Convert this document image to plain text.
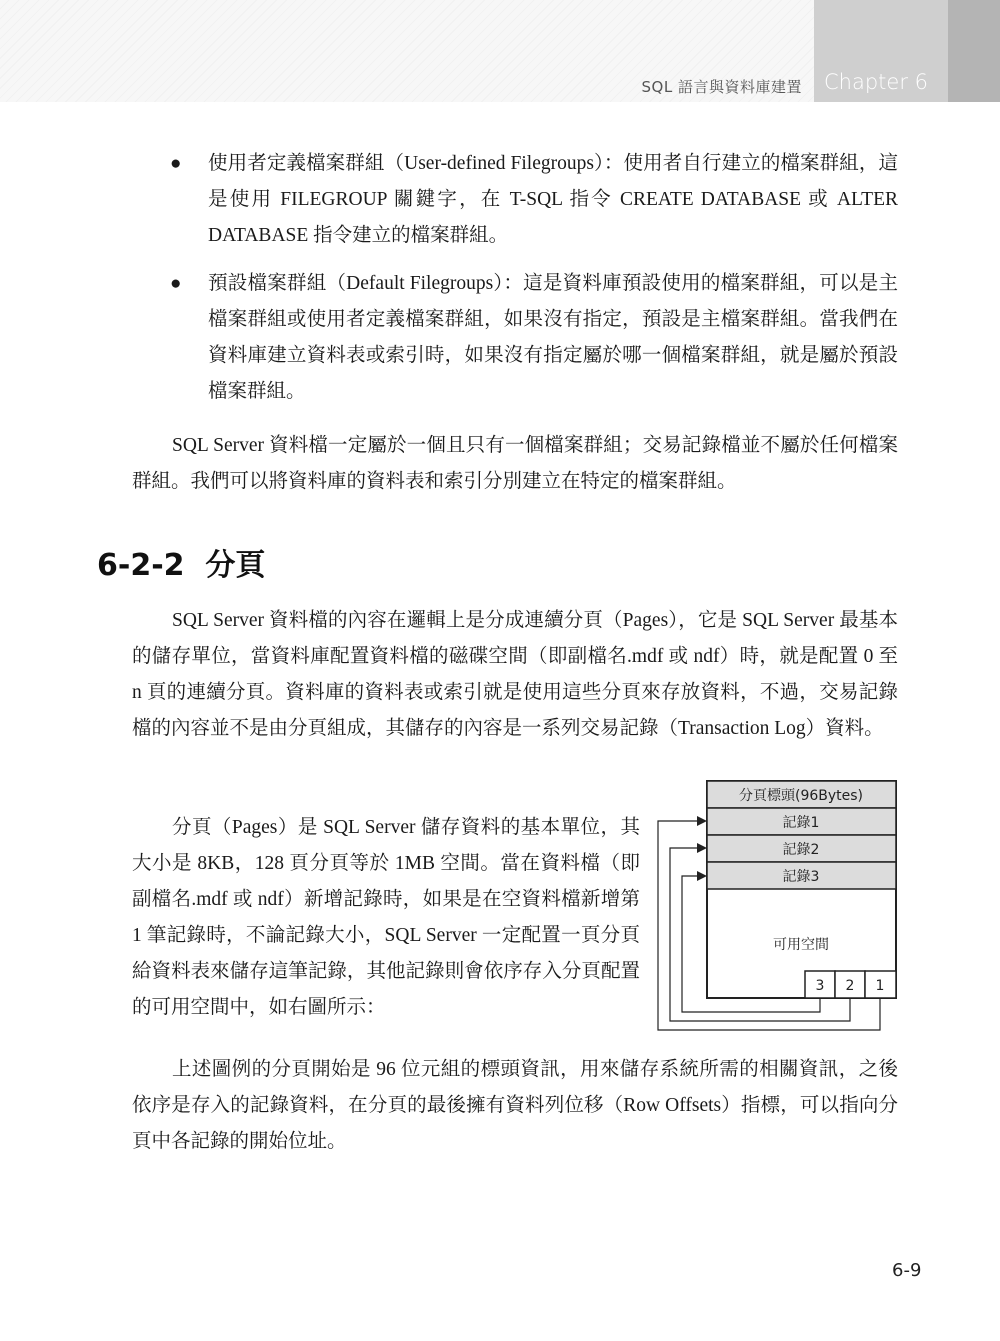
SQL 語言與資料庫建置 Chapter 6
● 使用者定義檔案群組（User-defined Filegroups）：使用者自行建立的檔案群組，這是使用 FILEGROUP 關鍵字，在 T-SQL 指令 CREATE DATABASE 或 ALTER DATABASE 指令建立的檔案群組。
● 預設檔案群組（Default Filegroups）：這是資料庫預設使用的檔案群組，可以是主檔案群組或使用者定義檔案群組，如果沒有指定，預設是主檔案群組。當我們在資料庫建立資料表或索引時，如果沒有指定屬於哪一個檔案群組，就是屬於預設檔案群組。

SQL Server 資料檔一定屬於一個且只有一個檔案群組；交易記錄檔並不屬於任何檔案群組。我們可以將資料庫的資料表和索引分別建立在特定的檔案群組。

6-2-2 分頁

SQL Server 資料檔的內容在邏輯上是分成連續分頁（Pages），它是 SQL Server 最基本的儲存單位，當資料庫配置資料檔的磁碟空間（即副檔名.mdf 或 ndf）時，就是配置 0 至 n 頁的連續分頁。資料庫的資料表或索引就是使用這些分頁來存放資料，不過，交易記錄檔的內容並不是由分頁組成，其儲存的內容是一系列交易記錄（Transaction Log）資料。

分頁（Pages）是 SQL Server 儲存資料的基本單位，其大小是 8KB，128 頁分頁等於 1MB 空間。當在資料檔（即副檔名.mdf 或 ndf）新增記錄時，如果是在空資料檔新增第 1 筆記錄時，不論記錄大小，SQL Server 一定配置一頁分頁給資料表來儲存這筆記錄，其他記錄則會依序存入分頁配置的可用空間中，如右圖所示：

分頁標頭(96Bytes)
記錄1
記錄2
記錄3
可用空間
3 2 1

上述圖例的分頁開始是 96 位元組的標頭資訊，用來儲存系統所需的相關資訊，之後依序是存入的記錄資料，在分頁的最後擁有資料列位移（Row Offsets）指標，可以指向分頁中各記錄的開始位址。

6-9
